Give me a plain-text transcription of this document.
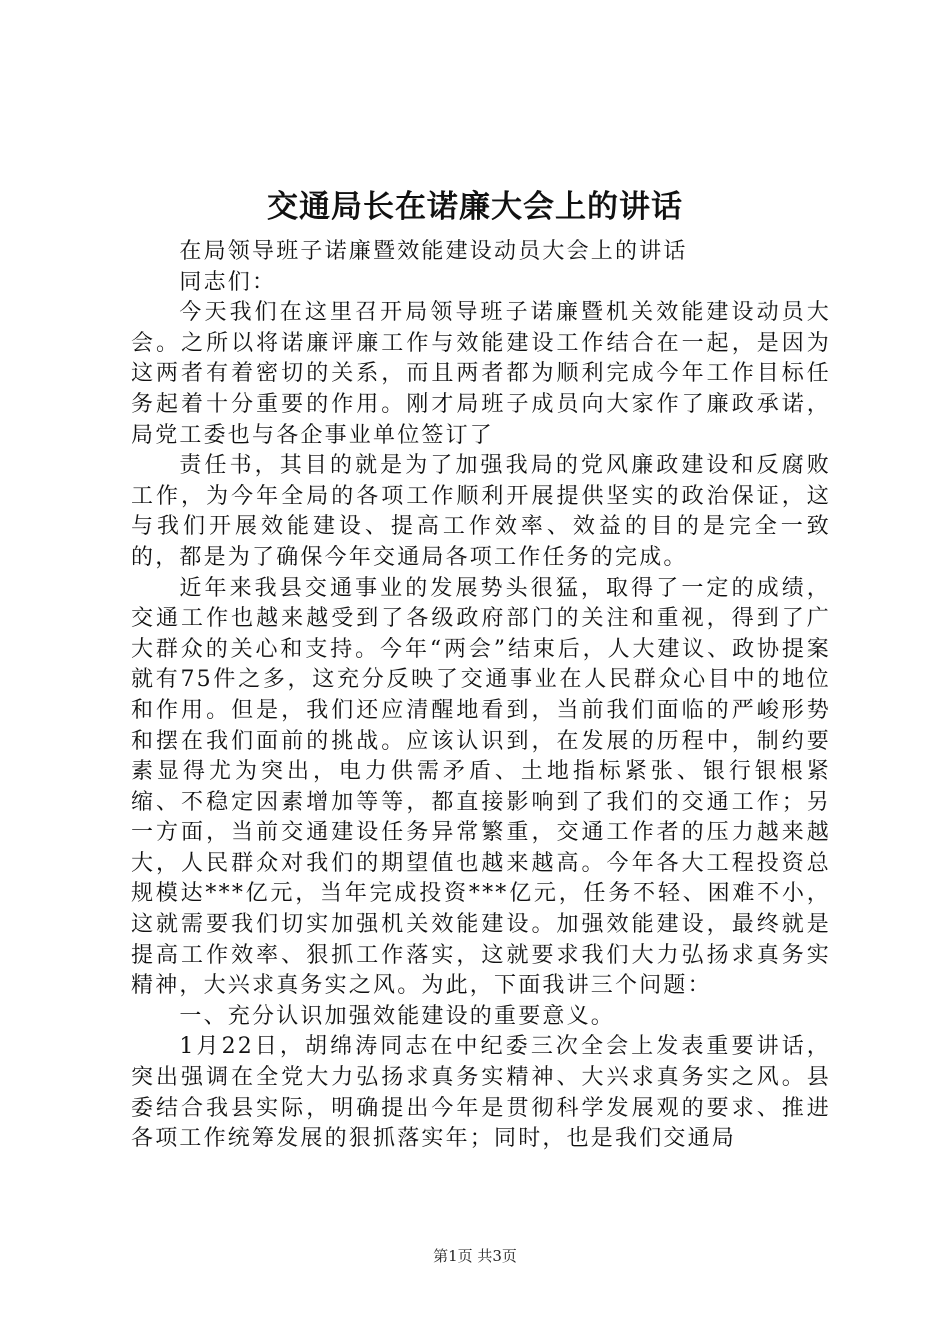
交通局长在诺廉大会上的讲话

在局领导班子诺廉暨效能建设动员大会上的讲话

同志们：

今天我们在这里召开局领导班子诺廉暨机关效能建设动员大会。之所以将诺廉评廉工作与效能建设工作结合在一起，是因为这两者有着密切的关系，而且两者都为顺利完成今年工作目标任务起着十分重要的作用。刚才局班子成员向大家作了廉政承诺，局党工委也与各企事业单位签订了

责任书，其目的就是为了加强我局的党风廉政建设和反腐败工作，为今年全局的各项工作顺利开展提供坚实的政治保证，这与我们开展效能建设、提高工作效率、效益的目的是完全一致的，都是为了确保今年交通局各项工作任务的完成。

近年来我县交通事业的发展势头很猛，取得了一定的成绩，交通工作也越来越受到了各级政府部门的关注和重视，得到了广大群众的关心和支持。今年“两会”结束后，人大建议、政协提案就有75件之多，这充分反映了交通事业在人民群众心目中的地位和作用。但是，我们还应清醒地看到，当前我们面临的严峻形势和摆在我们面前的挑战。应该认识到，在发展的历程中，制约要素显得尤为突出，电力供需矛盾、土地指标紧张、银行银根紧缩、不稳定因素增加等等，都直接影响到了我们的交通工作；另一方面，当前交通建设任务异常繁重，交通工作者的压力越来越大，人民群众对我们的期望值也越来越高。今年各大工程投资总规模达***亿元，当年完成投资***亿元，任务不轻、困难不小，这就需要我们切实加强机关效能建设。加强效能建设，最终就是提高工作效率、狠抓工作落实，这就要求我们大力弘扬求真务实精神，大兴求真务实之风。为此，下面我讲三个问题：

一、充分认识加强效能建设的重要意义。

1月22日，胡绵涛同志在中纪委三次全会上发表重要讲话，突出强调在全党大力弘扬求真务实精神、大兴求真务实之风。县委结合我县实际，明确提出今年是贯彻科学发展观的要求、推进各项工作统筹发展的狠抓落实年；同时，也是我们交通局

第1页 共3页
